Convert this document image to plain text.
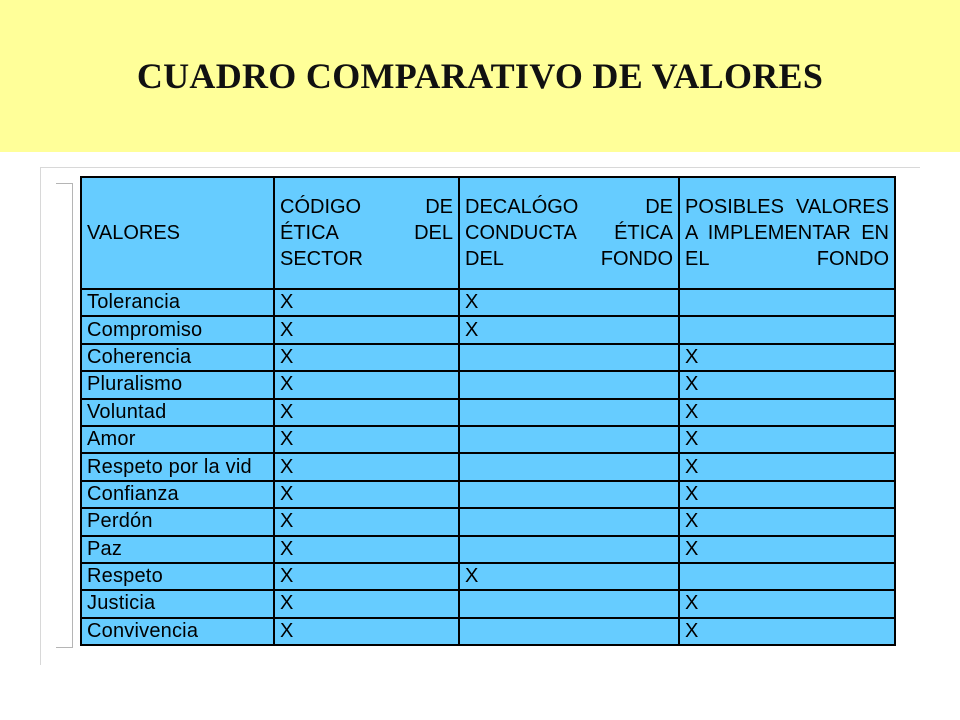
CUADRO COMPARATIVO DE VALORES
VALORES	CÓDIGO DE ÉTICA DEL SECTOR	DECALÓGO DE CONDUCTA ÉTICA DEL FONDO	POSIBLES VALORES A IMPLEMENTAR EN EL FONDO
Tolerancia	X	X	
Compromiso	X	X	
Coherencia	X		X
Pluralismo	X		X
Voluntad	X		X
Amor	X		X
Respeto por la vid	X		X
Confianza	X		X
Perdón	X		X
Paz	X		X
Respeto	X	X	
Justicia	X		X
Convivencia	X		X
